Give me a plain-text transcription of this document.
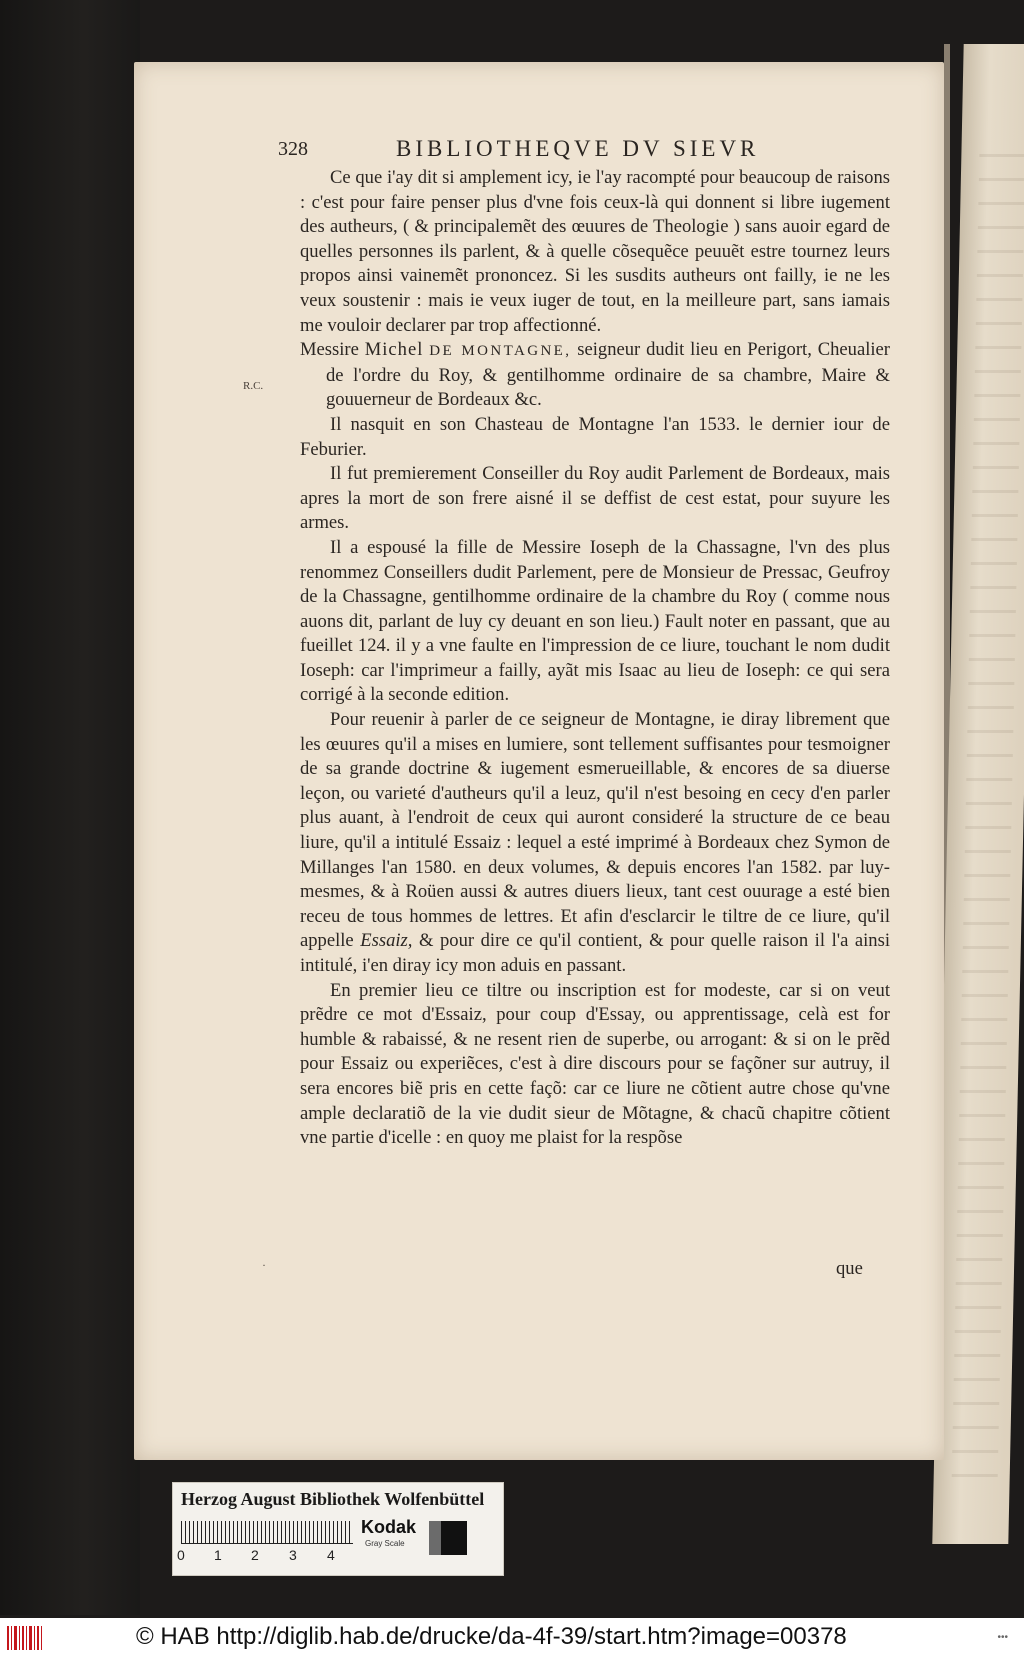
328	BIBLIOTHEQVE DV SIEVR
R.C.

Ce que i'ay dit si amplement icy, ie l'ay racompté pour beaucoup de raisons : c'est pour faire penser plus d'vne fois ceux-là qui donnent si libre iugement des autheurs, ( & principalemẽt des œuures de Theologie ) sans auoir egard de quelles personnes ils parlent, & à quelle cõsequẽce peuuẽt estre tournez leurs propos ainsi vainemẽt prononcez. Si les susdits autheurs ont failly, ie ne les veux soustenir : mais ie veux iuger de tout, en la meilleure part, sans iamais me vouloir declarer par trop affectionné.

Messire Michel DE MONTAGNE, seigneur dudit lieu en Perigort, Cheualier de l'ordre du Roy, & gentilhomme ordinaire de sa chambre, Maire & gouuerneur de Bordeaux &c.

Il nasquit en son Chasteau de Montagne l'an 1533. le dernier iour de Feburier.

Il fut premierement Conseiller du Roy audit Parlement de Bordeaux, mais apres la mort de son frere aisné il se deffist de cest estat, pour suyure les armes.

Il a espousé la fille de Messire Ioseph de la Chassagne, l'vn des plus renommez Conseillers dudit Parlement, pere de Monsieur de Pressac, Geufroy de la Chassagne, gentilhomme ordinaire de la chambre du Roy ( comme nous auons dit, parlant de luy cy deuant en son lieu.) Fault noter en passant, que au fueillet 124. il y a vne faulte en l'impression de ce liure, touchant le nom dudit Ioseph: car l'imprimeur a failly, ayãt mis Isaac au lieu de Ioseph: ce qui sera corrigé à la seconde edition.

Pour reuenir à parler de ce seigneur de Montagne, ie diray librement que les œuures qu'il a mises en lumiere, sont tellement suffisantes pour tesmoigner de sa grande doctrine & iugement esmerueillable, & encores de sa diuerse leçon, ou varieté d'autheurs qu'il a leuz, qu'il n'est besoing en cecy d'en parler plus auant, à l'endroit de ceux qui auront consideré la structure de ce beau liure, qu'il a intitulé Essaiz : lequel a esté imprimé à Bordeaux chez Symon de Millanges l'an 1580. en deux volumes, & depuis encores l'an 1582. par luy-mesmes, & à Roüen aussi & autres diuers lieux, tant cest ouurage a esté bien receu de tous hommes de lettres. Et afin d'esclarcir le tiltre de ce liure, qu'il appelle Essaiz, & pour dire ce qu'il contient, & pour quelle raison il l'a ainsi intitulé, i'en diray icy mon aduis en passant.

En premier lieu ce tiltre ou inscription est for modeste, car si on veut prẽdre ce mot d'Essaiz, pour coup d'Essay, ou apprentissage, celà est for humble & rabaissé, & ne resent rien de superbe, ou arrogant: & si on le prẽd pour Essaiz ou experiẽces, c'est à dire discours pour se façõner sur autruy, il sera encores biẽ pris en cette façõ: car ce liure ne cõtient autre chose qu'vne ample declaratiõ de la vie dudit sieur de Mõtagne, & chacũ chapitre cõtient vne partie d'icelle : en quoy me plaist for la respõse

·	que
Herzog August Bibliothek Wolfenbüttel
0 1 2 3 4
Kodak
Gray Scale
© HAB http://diglib.hab.de/drucke/da-4f-39/start.htm?image=00378	•••
